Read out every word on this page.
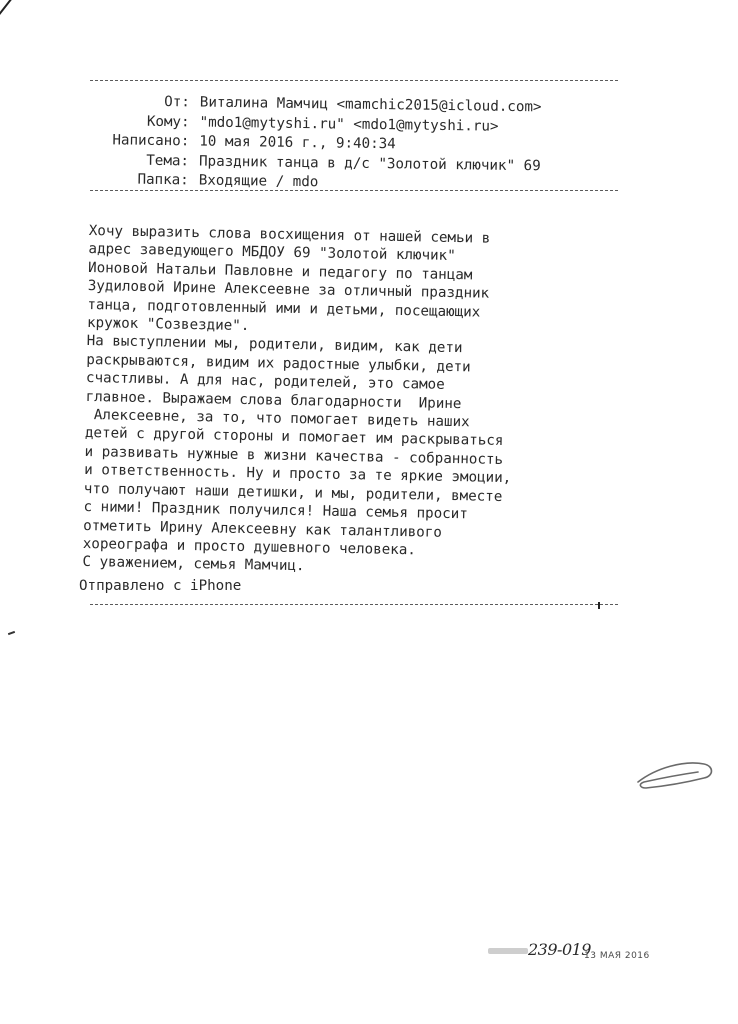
От: Виталина Мамчиц <mamchic2015@icloud.com>
Кому: "mdo1@mytyshi.ru" <mdo1@mytyshi.ru>
Написано: 10 мая 2016 г., 9:40:34
Тема: Праздник танца в д/с "Золотой ключик" 69
Папка: Входящие / mdo
Хочу выразить слова восхищения от нашей семьи в
адрес заведующего МБДОУ 69 "Золотой ключик"
Ионовой Натальи Павловне и педагогу по танцам
Зудиловой Ирине Алексеевне за отличный праздник
танца, подготовленный ими и детьми, посещающих
кружок "Созвездие".
На выступлении мы, родители, видим, как дети
раскрываются, видим их радостные улыбки, дети
счастливы. А для нас, родителей, это самое
главное. Выражаем слова благодарности  Ирине
Алексеевне, за то, что помогает видеть наших
детей с другой стороны и помогает им раскрываться
и развивать нужные в жизни качества - собранность
и ответственность. Ну и просто за те яркие эмоции,
что получают наши детишки, и мы, родители, вместе
с ними! Праздник получился! Наша семья просит
отметить Ирину Алексеевну как талантливого
хореографа и просто душевного человека.
С уважением, семья Мамчиц.
Отправлено с iPhone
239-019
13 МАЯ 2016
